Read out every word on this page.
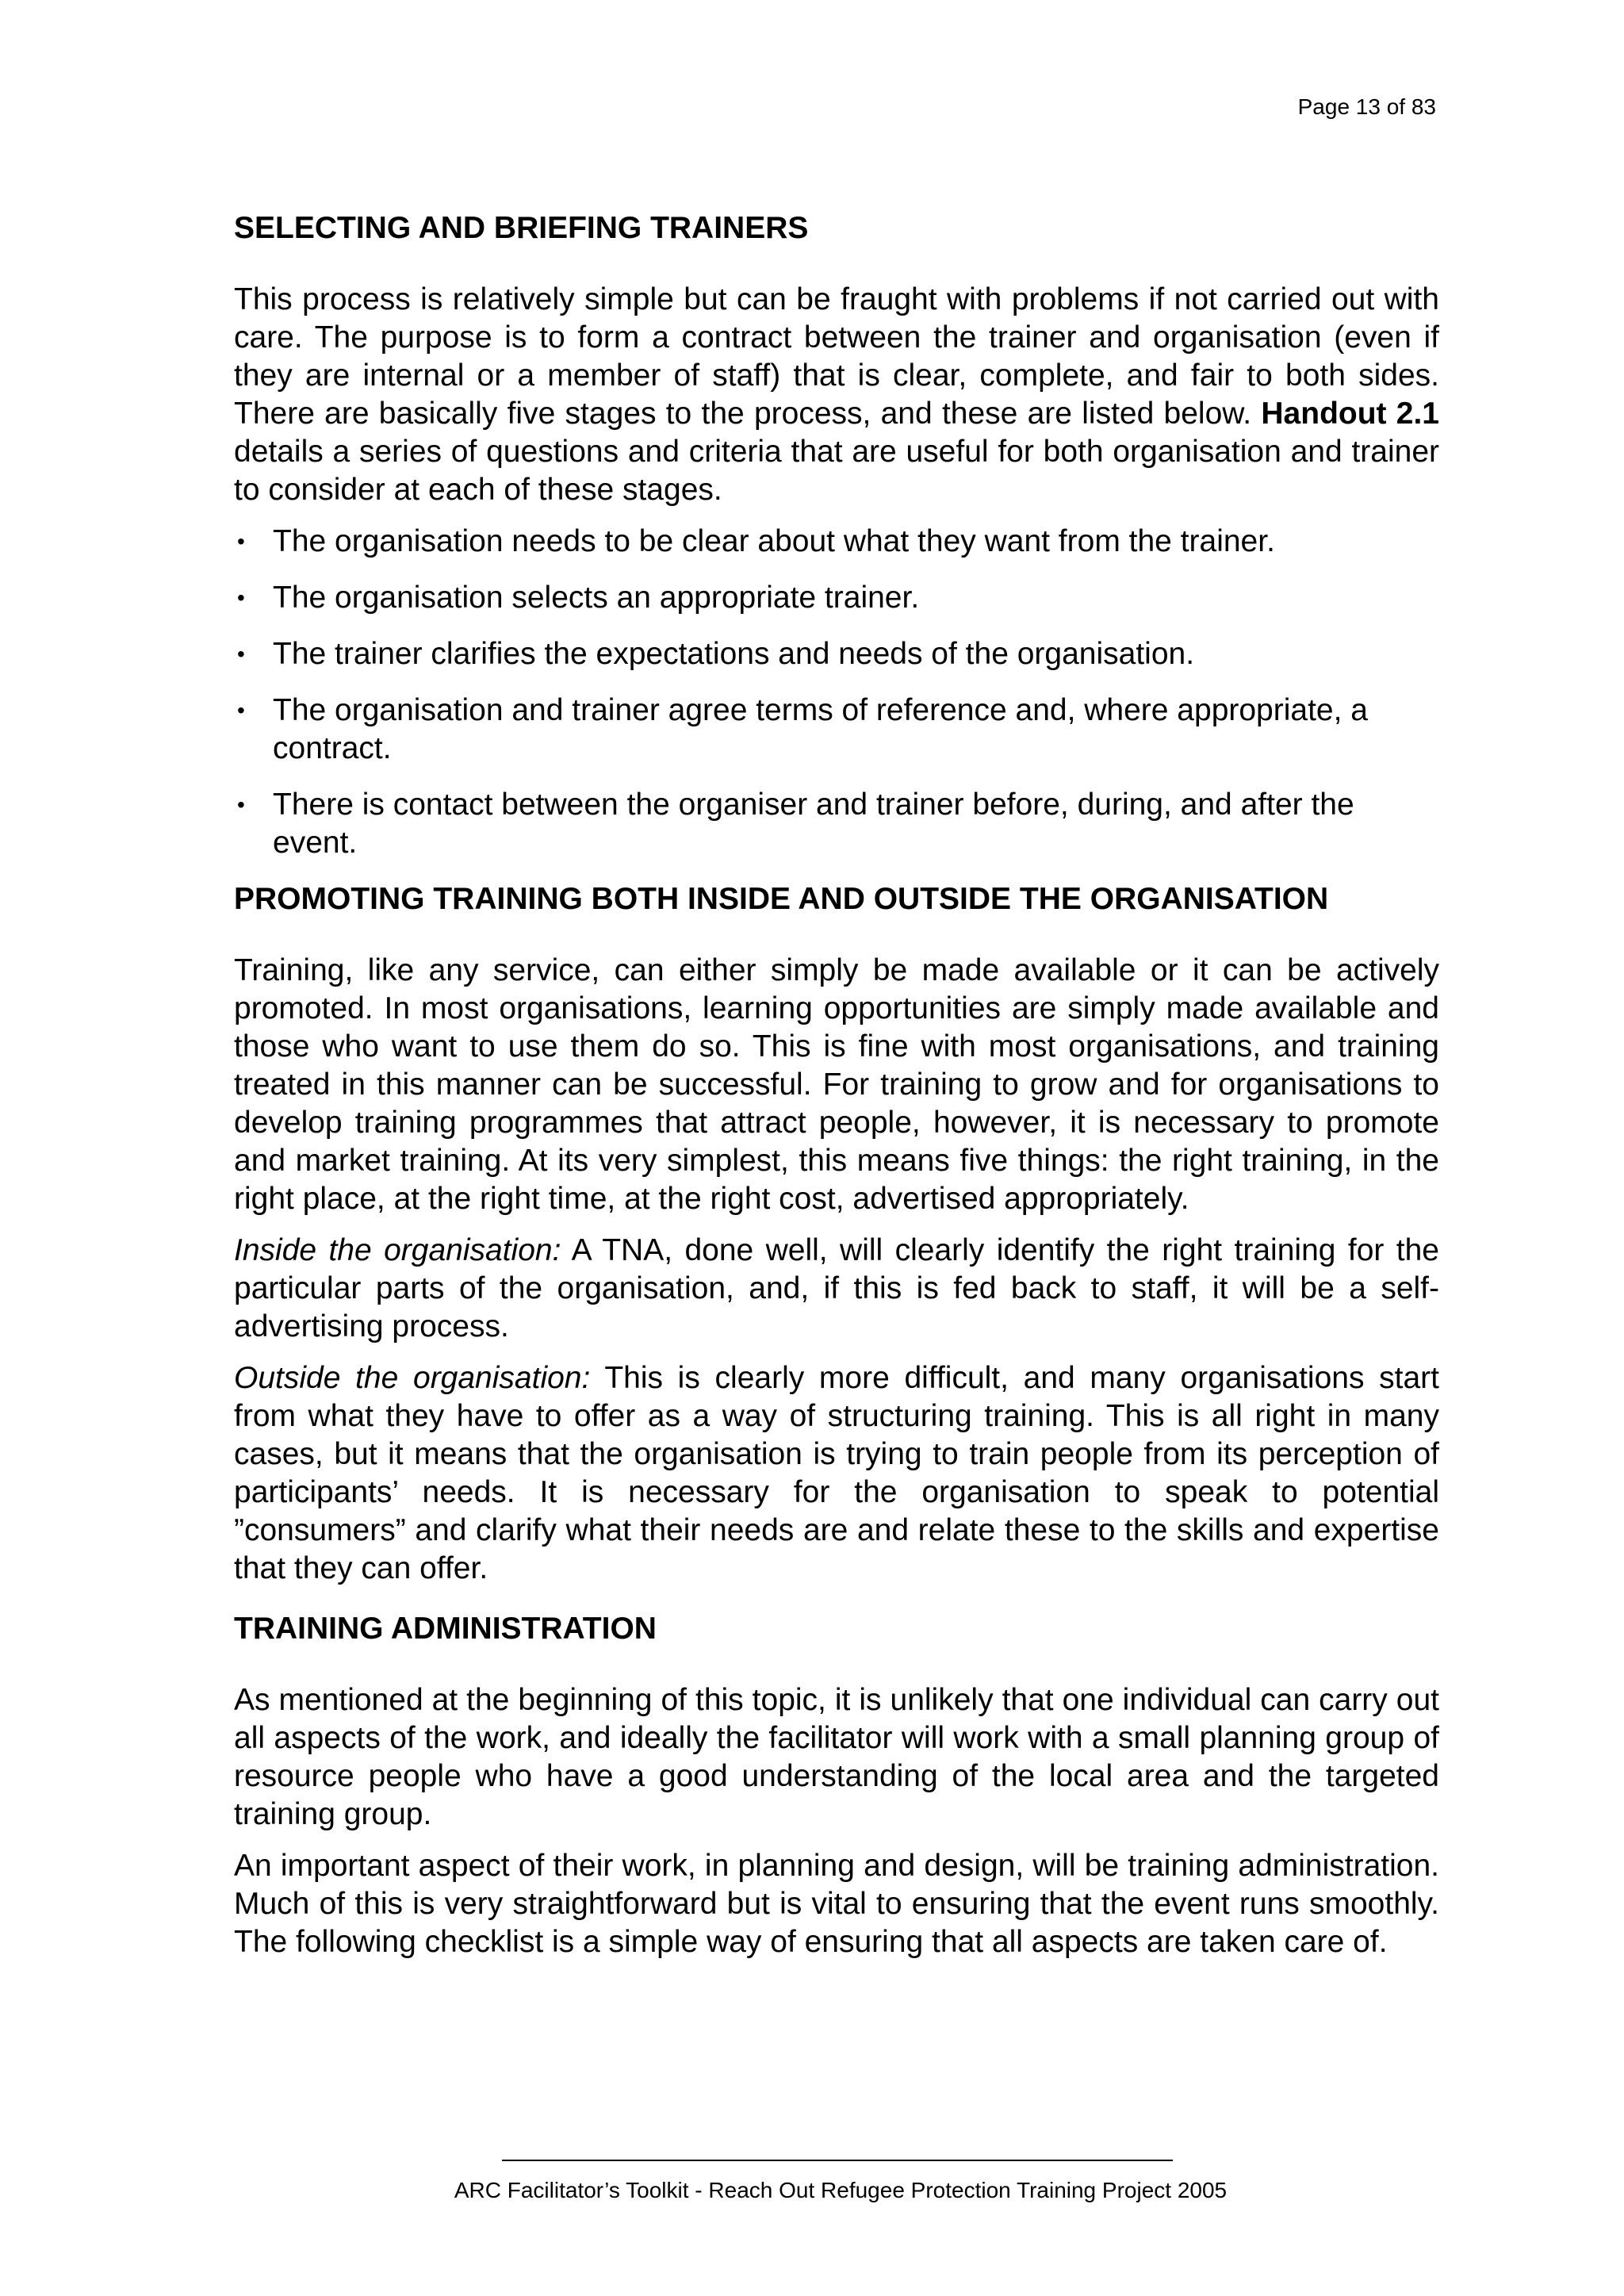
Page 13 of 83
SELECTING AND BRIEFING TRAINERS

This process is relatively simple but can be fraught with problems if not carried out with care. The purpose is to form a contract between the trainer and organisation (even if they are internal or a member of staff) that is clear, complete, and fair to both sides. There are basically five stages to the process, and these are listed below. Handout 2.1 details a series of questions and criteria that are useful for both organisation and trainer to consider at each of these stages.

• The organisation needs to be clear about what they want from the trainer.
• The organisation selects an appropriate trainer.
• The trainer clarifies the expectations and needs of the organisation.
• The organisation and trainer agree terms of reference and, where appropriate, a contract.
• There is contact between the organiser and trainer before, during, and after the event.
PROMOTING TRAINING BOTH INSIDE AND OUTSIDE THE ORGANISATION

Training, like any service, can either simply be made available or it can be actively promoted. In most organisations, learning opportunities are simply made available and those who want to use them do so. This is fine with most organisations, and training treated in this manner can be successful. For training to grow and for organisations to develop training programmes that attract people, however, it is necessary to promote and market training. At its very simplest, this means five things: the right training, in the right place, at the right time, at the right cost, advertised appropriately.

Inside the organisation: A TNA, done well, will clearly identify the right training for the particular parts of the organisation, and, if this is fed back to staff, it will be a self-advertising process.

Outside the organisation: This is clearly more difficult, and many organisations start from what they have to offer as a way of structuring training. This is all right in many cases, but it means that the organisation is trying to train people from its perception of participants’ needs. It is necessary for the organisation to speak to potential ”consumers” and clarify what their needs are and relate these to the skills and expertise that they can offer.

TRAINING ADMINISTRATION

As mentioned at the beginning of this topic, it is unlikely that one individual can carry out all aspects of the work, and ideally the facilitator will work with a small planning group of resource people who have a good understanding of the local area and the targeted training group.

An important aspect of their work, in planning and design, will be training administration. Much of this is very straightforward but is vital to ensuring that the event runs smoothly. The following checklist is a simple way of ensuring that all aspects are taken care of.

ARC Facilitator’s Toolkit - Reach Out Refugee Protection Training Project 2005
